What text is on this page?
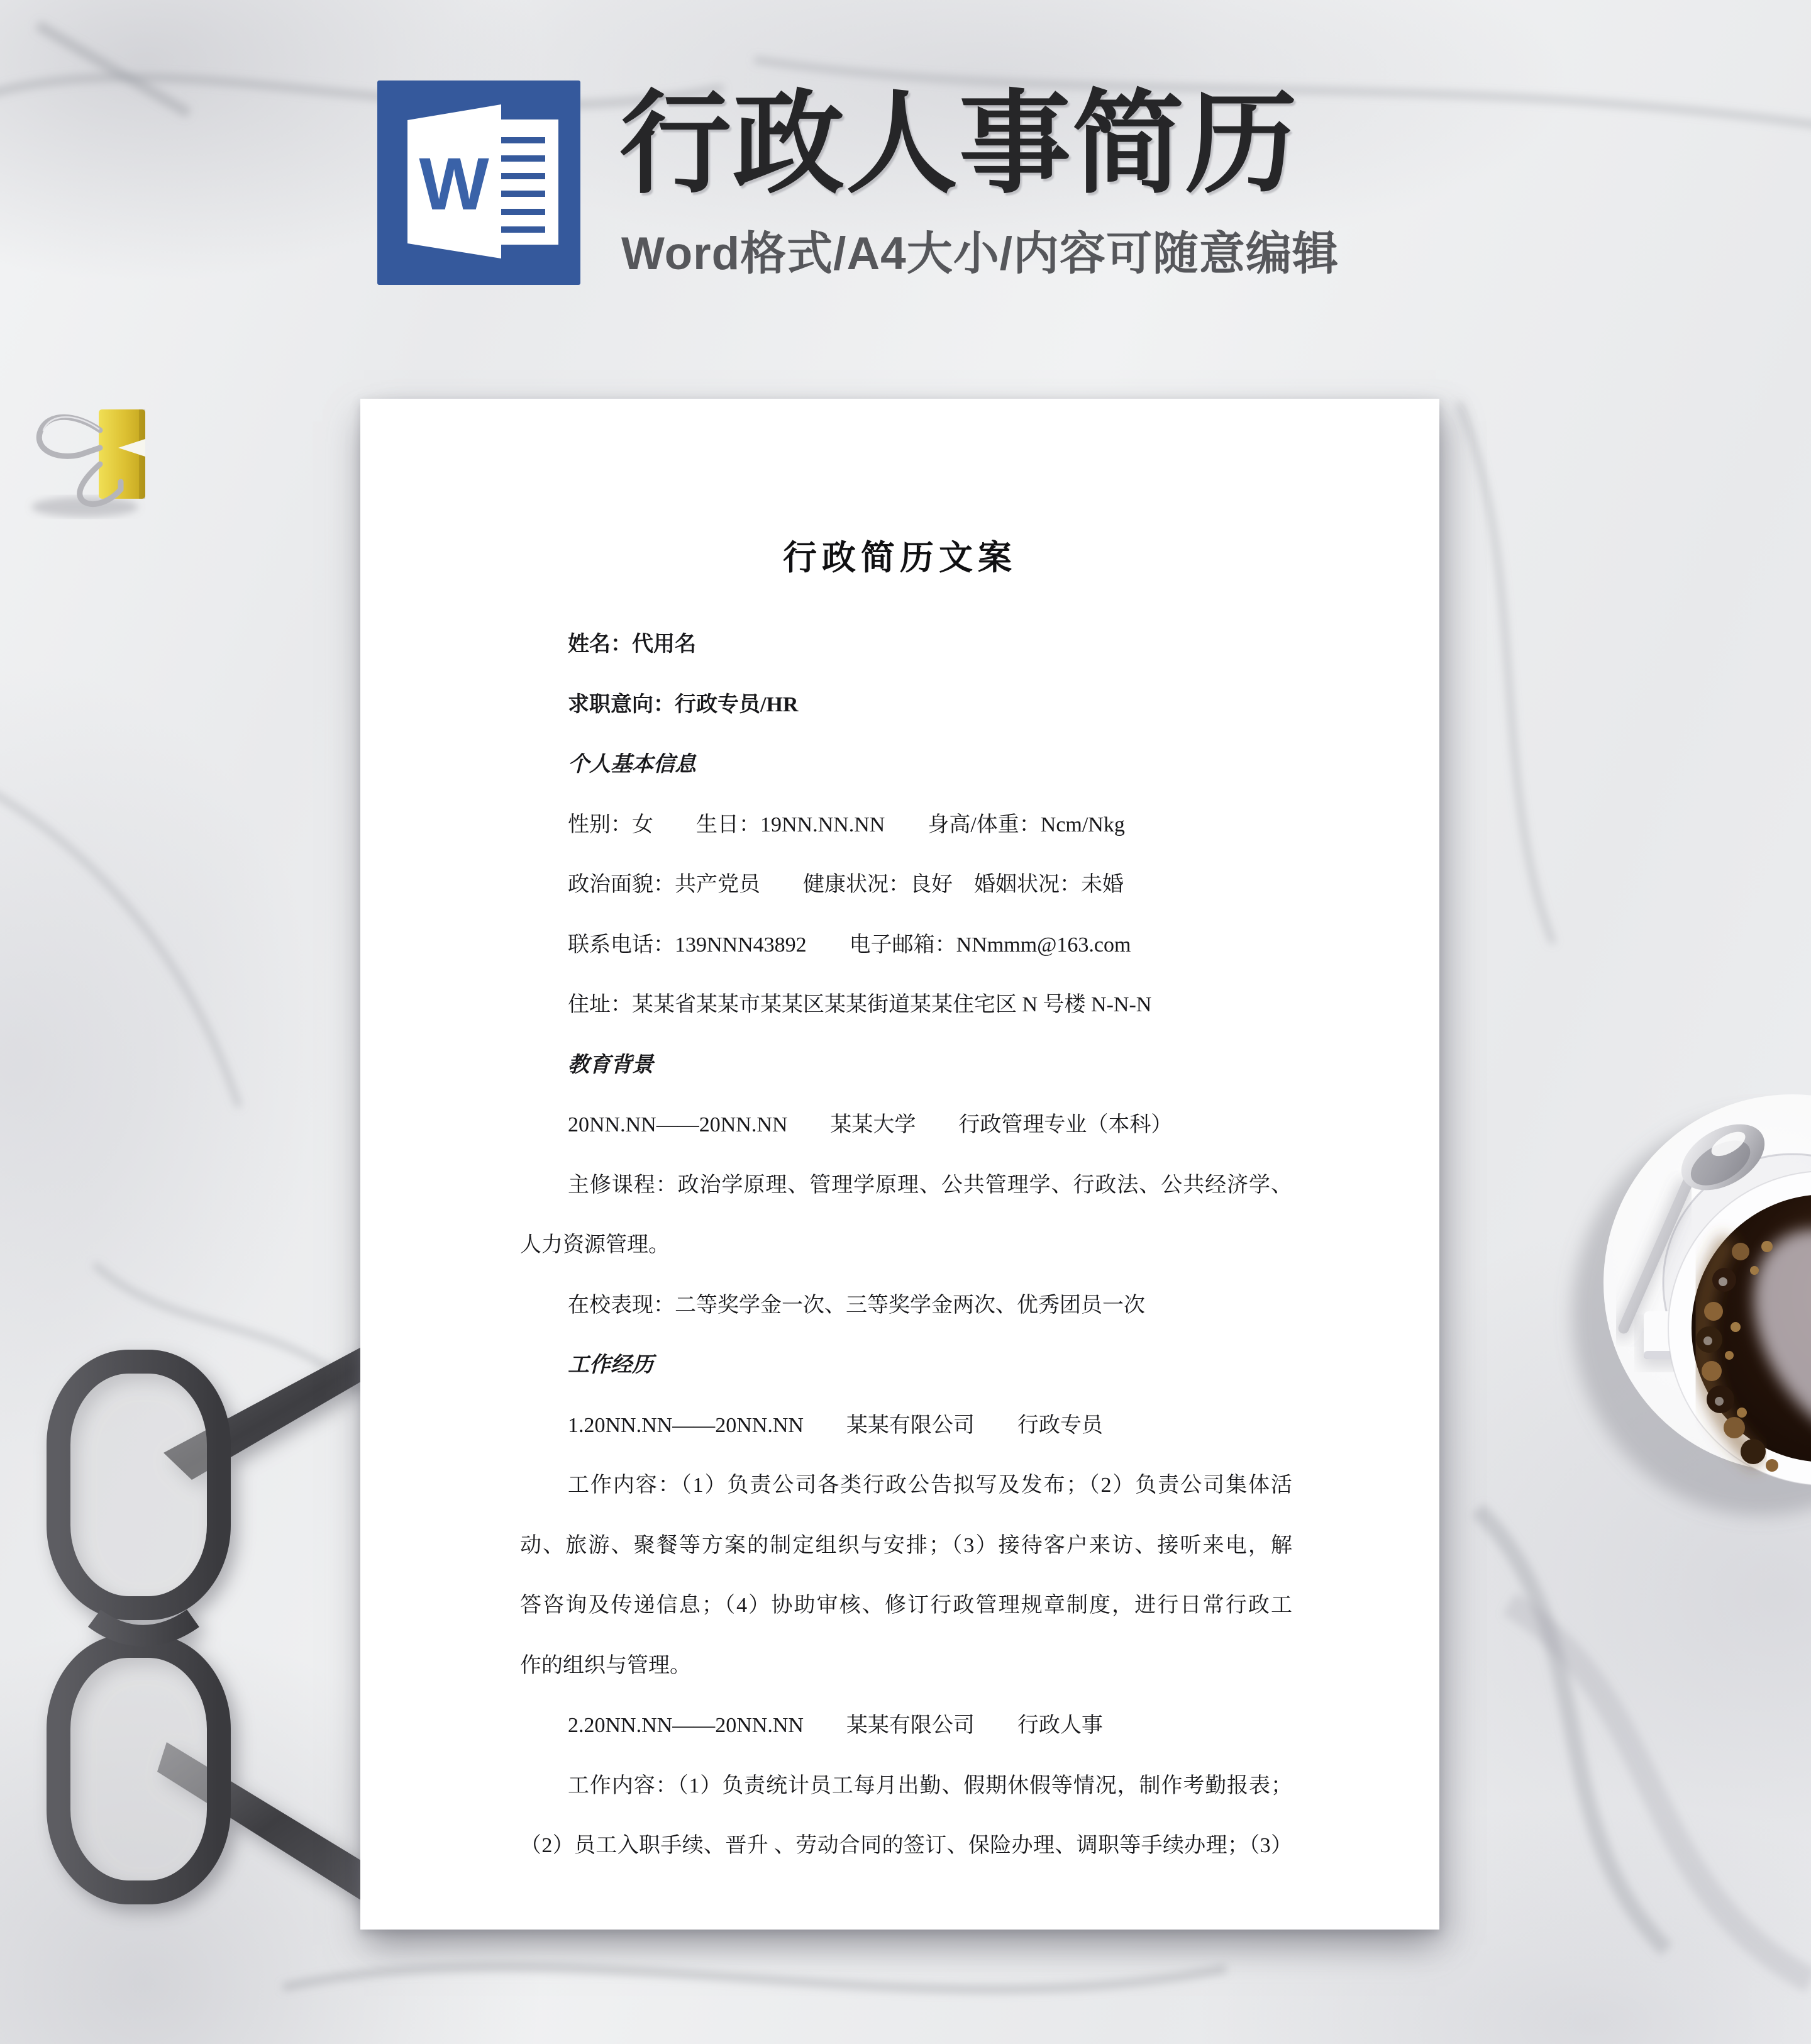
W 行政人事简历
Word格式/A4大小/内容可随意编辑
行政简历文案
姓名：代用名
求职意向：行政专员/HR
个人基本信息
性别：女　　生日：19NN.NN.NN　　身高/体重：Ncm/Nkg
政治面貌：共产党员　　健康状况：良好　婚姻状况：未婚
联系电话：139NNN43892　　电子邮箱：NNmmm@163.com
住址：某某省某某市某某区某某街道某某住宅区 N 号楼 N-N-N
教育背景
20NN.NN——20NN.NN　　某某大学　　行政管理专业（本科）
主修课程：政治学原理、管理学原理、公共管理学、行政法、公共经济学、
人力资源管理。
在校表现：二等奖学金一次、三等奖学金两次、优秀团员一次
工作经历
1.20NN.NN——20NN.NN　　某某有限公司　　行政专员
工作内容：（1）负责公司各类行政公告拟写及发布；（2）负责公司集体活
动、旅游、聚餐等方案的制定组织与安排；（3）接待客户来访、接听来电，解
答咨询及传递信息；（4）协助审核、修订行政管理规章制度，进行日常行政工
作的组织与管理。
2.20NN.NN——20NN.NN　　某某有限公司　　行政人事
工作内容：（1）负责统计员工每月出勤、假期休假等情况，制作考勤报表；
（2）员工入职手续、晋升 、劳动合同的签订、保险办理、调职等手续办理；（3）
